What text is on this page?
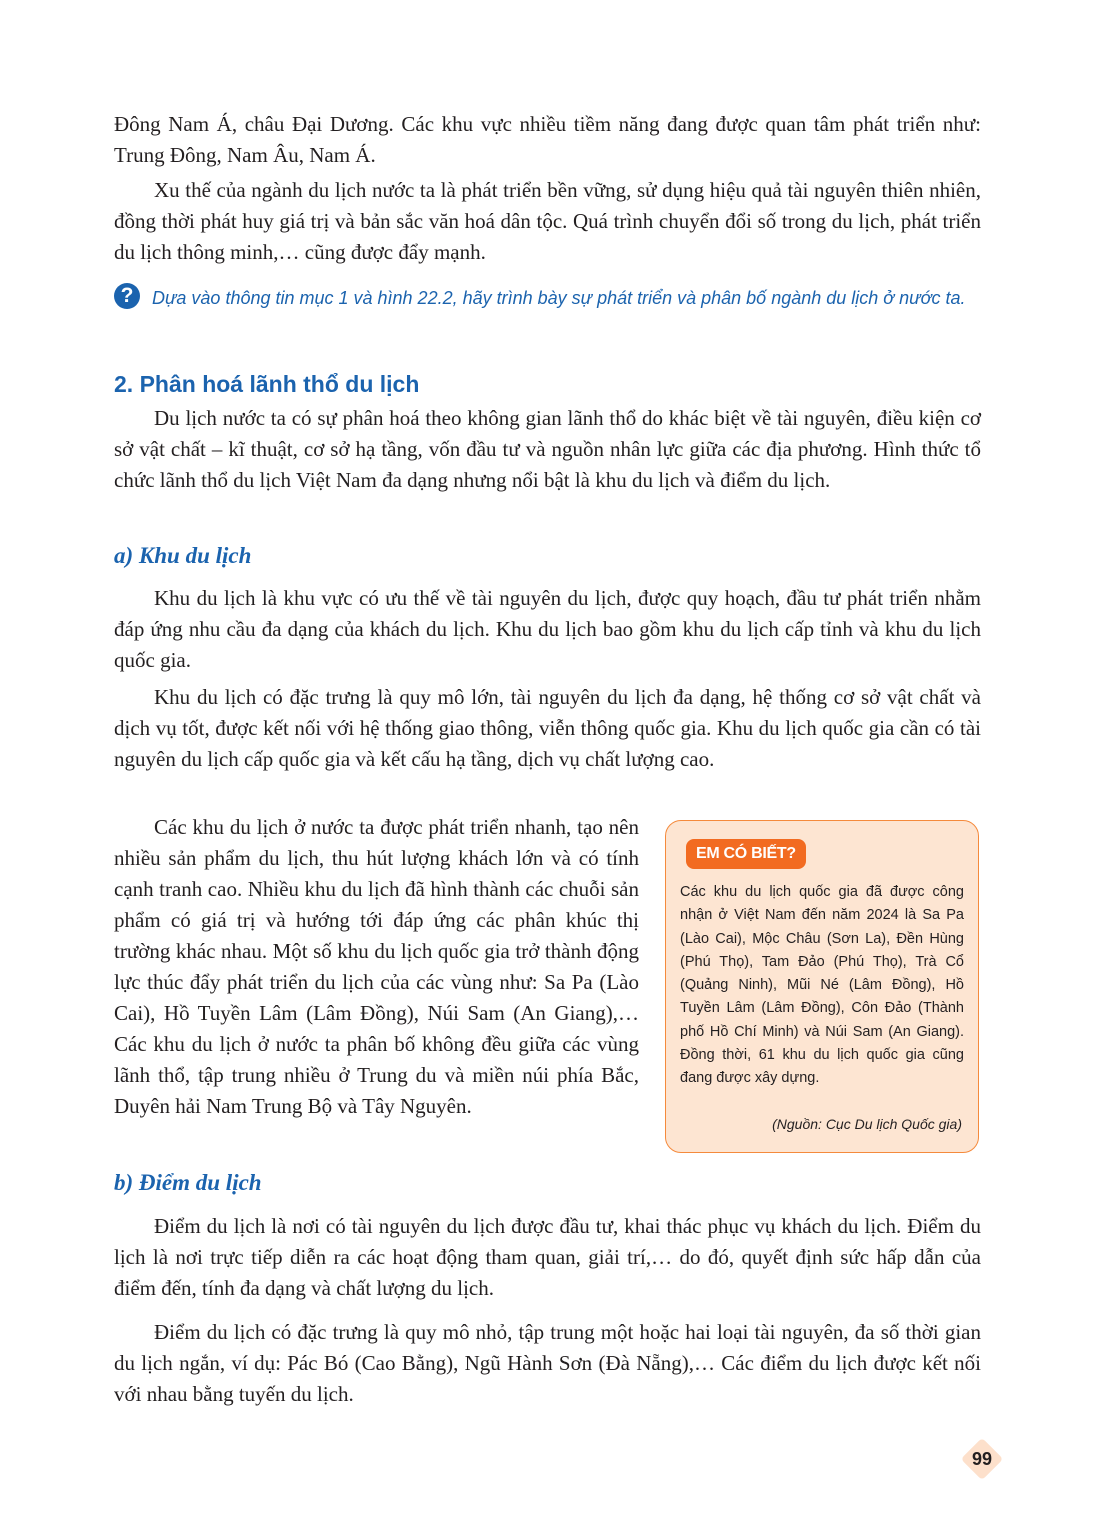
Đông Nam Á, châu Đại Dương. Các khu vực nhiều tiềm năng đang được quan tâm phát triển như: Trung Đông, Nam Âu, Nam Á.

Xu thế của ngành du lịch nước ta là phát triển bền vững, sử dụng hiệu quả tài nguyên thiên nhiên, đồng thời phát huy giá trị và bản sắc văn hoá dân tộc. Quá trình chuyển đổi số trong du lịch, phát triển du lịch thông minh,… cũng được đẩy mạnh.

?	Dựa vào thông tin mục 1 và hình 22.2, hãy trình bày sự phát triển và phân bố ngành du lịch ở nước ta.

2. Phân hoá lãnh thổ du lịch

Du lịch nước ta có sự phân hoá theo không gian lãnh thổ do khác biệt về tài nguyên, điều kiện cơ sở vật chất – kĩ thuật, cơ sở hạ tầng, vốn đầu tư và nguồn nhân lực giữa các địa phương. Hình thức tổ chức lãnh thổ du lịch Việt Nam đa dạng nhưng nổi bật là khu du lịch và điểm du lịch.

a) Khu du lịch

Khu du lịch là khu vực có ưu thế về tài nguyên du lịch, được quy hoạch, đầu tư phát triển nhằm đáp ứng nhu cầu đa dạng của khách du lịch. Khu du lịch bao gồm khu du lịch cấp tỉnh và khu du lịch quốc gia.

Khu du lịch có đặc trưng là quy mô lớn, tài nguyên du lịch đa dạng, hệ thống cơ sở vật chất và dịch vụ tốt, được kết nối với hệ thống giao thông, viễn thông quốc gia. Khu du lịch quốc gia cần có tài nguyên du lịch cấp quốc gia và kết cấu hạ tầng, dịch vụ chất lượng cao.

Các khu du lịch ở nước ta được phát triển nhanh, tạo nên nhiều sản phẩm du lịch, thu hút lượng khách lớn và có tính cạnh tranh cao. Nhiều khu du lịch đã hình thành các chuỗi sản phẩm có giá trị và hướng tới đáp ứng các phân khúc thị trường khác nhau. Một số khu du lịch quốc gia trở thành động lực thúc đẩy phát triển du lịch của các vùng như: Sa Pa (Lào Cai), Hồ Tuyền Lâm (Lâm Đồng), Núi Sam (An Giang),… Các khu du lịch ở nước ta phân bố không đều giữa các vùng lãnh thổ, tập trung nhiều ở Trung du và miền núi phía Bắc, Duyên hải Nam Trung Bộ và Tây Nguyên.

EM CÓ BIẾT?

Các khu du lịch quốc gia đã được công nhận ở Việt Nam đến năm 2024 là Sa Pa (Lào Cai), Mộc Châu (Sơn La), Đền Hùng (Phú Thọ), Tam Đảo (Phú Thọ), Trà Cổ (Quảng Ninh), Mũi Né (Lâm Đồng), Hồ Tuyền Lâm (Lâm Đồng), Côn Đảo (Thành phố Hồ Chí Minh) và Núi Sam (An Giang). Đồng thời, 61 khu du lịch quốc gia cũng đang được xây dựng.

(Nguồn: Cục Du lịch Quốc gia)

b) Điểm du lịch

Điểm du lịch là nơi có tài nguyên du lịch được đầu tư, khai thác phục vụ khách du lịch. Điểm du lịch là nơi trực tiếp diễn ra các hoạt động tham quan, giải trí,… do đó, quyết định sức hấp dẫn của điểm đến, tính đa dạng và chất lượng du lịch.

Điểm du lịch có đặc trưng là quy mô nhỏ, tập trung một hoặc hai loại tài nguyên, đa số thời gian du lịch ngắn, ví dụ: Pác Bó (Cao Bằng), Ngũ Hành Sơn (Đà Nẵng),… Các điểm du lịch được kết nối với nhau bằng tuyến du lịch.

99
